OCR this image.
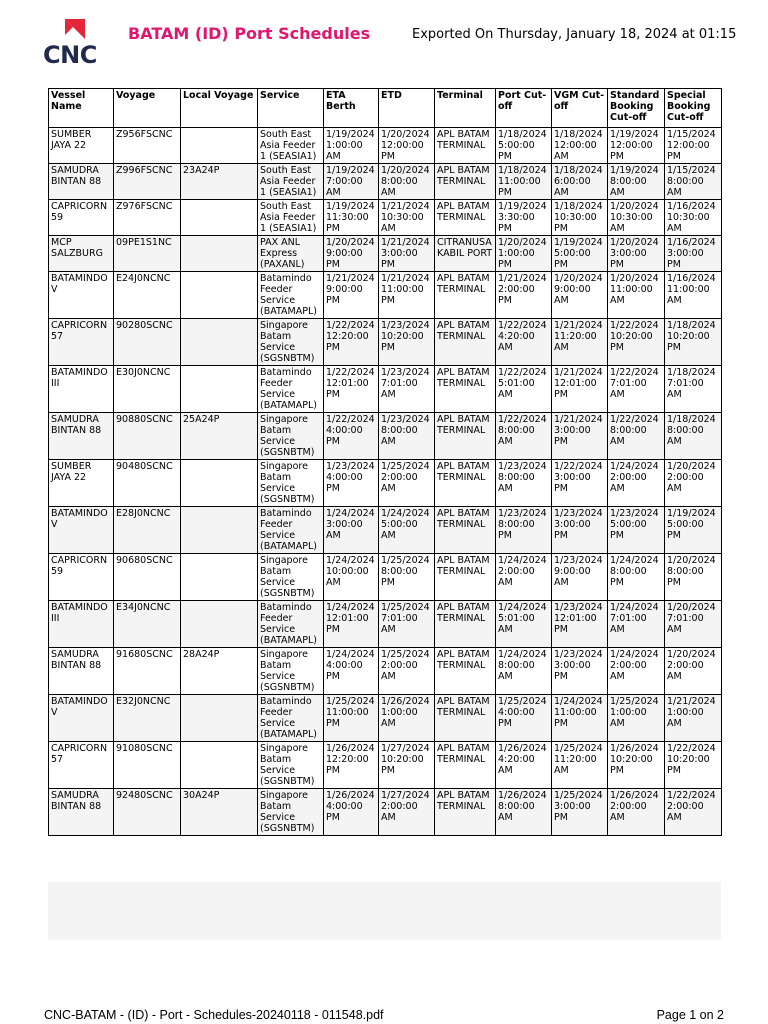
CNC
BATAM (ID) Port Schedules	Exported On Thursday, January 18, 2024 at 01:15
Vessel Name	Voyage	Local Voyage	Service	ETA Berth	ETD	Terminal	Port Cut-off	VGM Cut-off	Standard Booking Cut-off	Special Booking Cut-off
SUMBER JAYA 22	Z956FSCNC		South East Asia Feeder 1 (SEASIA1)	1/19/2024 1:00:00 AM	1/20/2024 12:00:00 PM	APL BATAM TERMINAL	1/18/2024 5:00:00 PM	1/18/2024 12:00:00 AM	1/19/2024 12:00:00 PM	1/15/2024 12:00:00 PM
SAMUDRA BINTAN 88	Z996FSCNC	23A24P	South East Asia Feeder 1 (SEASIA1)	1/19/2024 7:00:00 AM	1/20/2024 8:00:00 AM	APL BATAM TERMINAL	1/18/2024 11:00:00 PM	1/18/2024 6:00:00 AM	1/19/2024 8:00:00 AM	1/15/2024 8:00:00 AM
CAPRICORN 59	Z976FSCNC		South East Asia Feeder 1 (SEASIA1)	1/19/2024 11:30:00 PM	1/21/2024 10:30:00 AM	APL BATAM TERMINAL	1/19/2024 3:30:00 PM	1/18/2024 10:30:00 PM	1/20/2024 10:30:00 AM	1/16/2024 10:30:00 AM
MCP SALZBURG	09PE1S1NC		PAX ANL Express (PAXANL)	1/20/2024 9:00:00 PM	1/21/2024 3:00:00 PM	CITRANUSA KABIL PORT	1/20/2024 1:00:00 PM	1/19/2024 5:00:00 PM	1/20/2024 3:00:00 PM	1/16/2024 3:00:00 PM
BATAMINDO V	E24J0NCNC		Batamindo Feeder Service (BATAMAPL)	1/21/2024 9:00:00 PM	1/21/2024 11:00:00 PM	APL BATAM TERMINAL	1/21/2024 2:00:00 PM	1/20/2024 9:00:00 AM	1/20/2024 11:00:00 AM	1/16/2024 11:00:00 AM
CAPRICORN 57	90280SCNC		Singapore Batam Service (SGSNBTM)	1/22/2024 12:20:00 PM	1/23/2024 10:20:00 PM	APL BATAM TERMINAL	1/22/2024 4:20:00 AM	1/21/2024 11:20:00 AM	1/22/2024 10:20:00 PM	1/18/2024 10:20:00 PM
BATAMINDO III	E30J0NCNC		Batamindo Feeder Service (BATAMAPL)	1/22/2024 12:01:00 PM	1/23/2024 7:01:00 AM	APL BATAM TERMINAL	1/22/2024 5:01:00 AM	1/21/2024 12:01:00 PM	1/22/2024 7:01:00 AM	1/18/2024 7:01:00 AM
SAMUDRA BINTAN 88	90880SCNC	25A24P	Singapore Batam Service (SGSNBTM)	1/22/2024 4:00:00 PM	1/23/2024 8:00:00 AM	APL BATAM TERMINAL	1/22/2024 8:00:00 AM	1/21/2024 3:00:00 PM	1/22/2024 8:00:00 AM	1/18/2024 8:00:00 AM
SUMBER JAYA 22	90480SCNC		Singapore Batam Service (SGSNBTM)	1/23/2024 4:00:00 PM	1/25/2024 2:00:00 AM	APL BATAM TERMINAL	1/23/2024 8:00:00 AM	1/22/2024 3:00:00 PM	1/24/2024 2:00:00 AM	1/20/2024 2:00:00 AM
BATAMINDO V	E28J0NCNC		Batamindo Feeder Service (BATAMAPL)	1/24/2024 3:00:00 AM	1/24/2024 5:00:00 AM	APL BATAM TERMINAL	1/23/2024 8:00:00 PM	1/23/2024 3:00:00 PM	1/23/2024 5:00:00 PM	1/19/2024 5:00:00 PM
CAPRICORN 59	90680SCNC		Singapore Batam Service (SGSNBTM)	1/24/2024 10:00:00 AM	1/25/2024 8:00:00 PM	APL BATAM TERMINAL	1/24/2024 2:00:00 AM	1/23/2024 9:00:00 AM	1/24/2024 8:00:00 PM	1/20/2024 8:00:00 PM
BATAMINDO III	E34J0NCNC		Batamindo Feeder Service (BATAMAPL)	1/24/2024 12:01:00 PM	1/25/2024 7:01:00 AM	APL BATAM TERMINAL	1/24/2024 5:01:00 AM	1/23/2024 12:01:00 PM	1/24/2024 7:01:00 AM	1/20/2024 7:01:00 AM
SAMUDRA BINTAN 88	91680SCNC	28A24P	Singapore Batam Service (SGSNBTM)	1/24/2024 4:00:00 PM	1/25/2024 2:00:00 AM	APL BATAM TERMINAL	1/24/2024 8:00:00 AM	1/23/2024 3:00:00 PM	1/24/2024 2:00:00 AM	1/20/2024 2:00:00 AM
BATAMINDO V	E32J0NCNC		Batamindo Feeder Service (BATAMAPL)	1/25/2024 11:00:00 PM	1/26/2024 1:00:00 AM	APL BATAM TERMINAL	1/25/2024 4:00:00 PM	1/24/2024 11:00:00 PM	1/25/2024 1:00:00 AM	1/21/2024 1:00:00 AM
CAPRICORN 57	91080SCNC		Singapore Batam Service (SGSNBTM)	1/26/2024 12:20:00 PM	1/27/2024 10:20:00 PM	APL BATAM TERMINAL	1/26/2024 4:20:00 AM	1/25/2024 11:20:00 AM	1/26/2024 10:20:00 PM	1/22/2024 10:20:00 PM
SAMUDRA BINTAN 88	92480SCNC	30A24P	Singapore Batam Service (SGSNBTM)	1/26/2024 4:00:00 PM	1/27/2024 2:00:00 AM	APL BATAM TERMINAL	1/26/2024 8:00:00 AM	1/25/2024 3:00:00 PM	1/26/2024 2:00:00 AM	1/22/2024 2:00:00 AM
CNC-BATAM - (ID) - Port - Schedules-20240118 - 011548.pdf	Page 1 on 2
